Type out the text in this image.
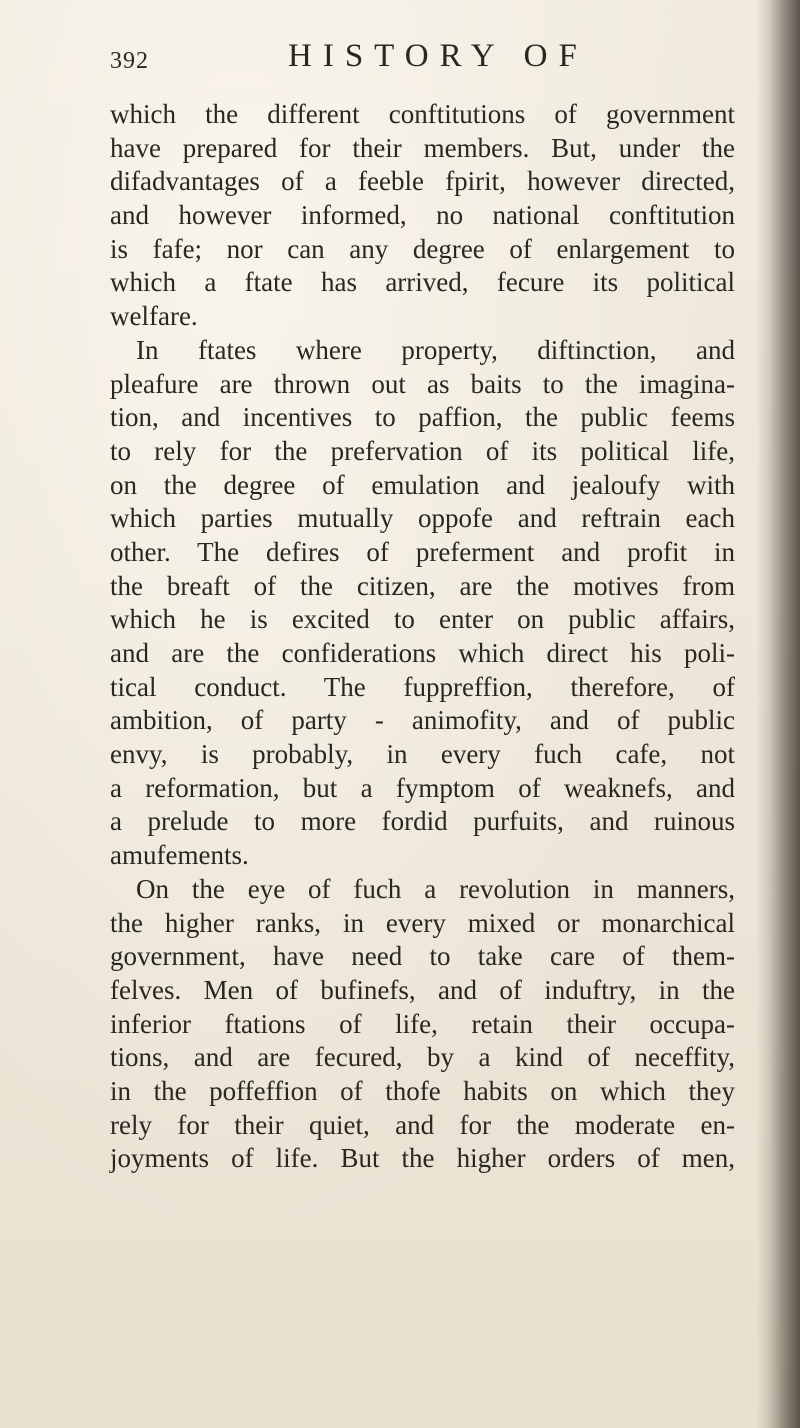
392	HISTORY OF
which the different conftitutions of government
have prepared for their members. But, under the
difadvantages of a feeble fpirit, however directed,
and however informed, no national conftitution
is fafe; nor can any degree of enlargement to
which a ftate has arrived, fecure its political
welfare.
In ftates where property, diftinction, and
pleafure are thrown out as baits to the imagina-
tion, and incentives to paffion, the public feems
to rely for the prefervation of its political life,
on the degree of emulation and jealoufy with
which parties mutually oppofe and reftrain each
other. The defires of preferment and profit in
the breaft of the citizen, are the motives from
which he is excited to enter on public affairs,
and are the confiderations which direct his poli-
tical conduct. The fuppreffion, therefore, of
ambition, of party - animofity, and of public
envy, is probably, in every fuch cafe, not
a reformation, but a fymptom of weaknefs, and
a prelude to more fordid purfuits, and ruinous
amufements.
On the eye of fuch a revolution in manners,
the higher ranks, in every mixed or monarchical
government, have need to take care of them-
felves. Men of bufinefs, and of induftry, in the
inferior ftations of life, retain their occupa-
tions, and are fecured, by a kind of neceffity,
in the poffeffion of thofe habits on which they
rely for their quiet, and for the moderate en-
joyments of life. But the higher orders of men,
